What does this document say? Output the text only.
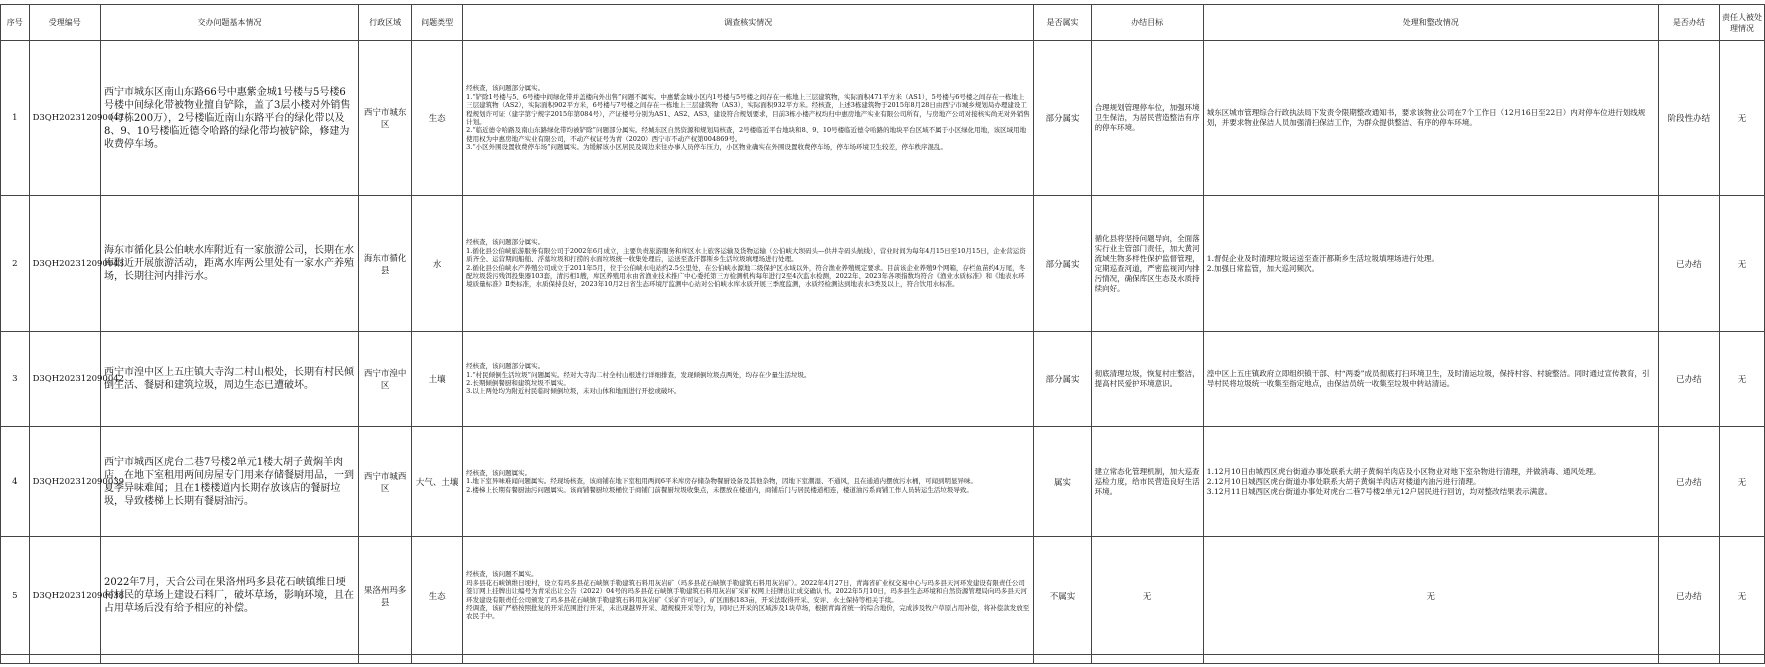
序号	受理编号	交办问题基本情况	行政区域	问题类型	调查核实情况	是否属实	办结目标	处理和整改情况	是否办结	责任人被处理情况
1	D3QH202312090047	西宁市城东区南山东路66号中惠紫金城1号楼与5号楼6号楼中间绿化带被物业擅自铲除，盖了3层小楼对外销售（每栋200万），2号楼临近南山东路平台的绿化带以及8、9、10号楼临近德令哈路的绿化带均被铲除，修建为收费停车场。	西宁市城东区	生态	经核查，该问题部分属实。
1.“铲除1号楼与5、6号楼中间绿化带并盖楼向外出售”问题不属实。中惠紫金城小区内1号楼与5号楼之间存在一栋地上三层建筑物，实际面积471平方米（AS1），5号楼与6号楼之间存在一栋地上三层建筑物（AS2），实际面积902平方米，6号楼与7号楼之间存在一栋地上三层建筑物（AS3），实际面积932平方米。经核查，上述3栋建筑物于2015年8月28日由西宁市城乡规划局办理建设工程规划许可证（建字第宁规字2015年第084号），产证楼号分别为AS1、AS2、AS3，建设符合规划要求，目前3栋小楼产权均归中惠房地产实业有限公司所有，与房地产公司对接核实尚无对外销售计划。
2.“临近德令哈路及南山东路绿化带均被铲除”问题部分属实。经城东区自然资源和规划局核查，2号楼临近平台地块和8、9、10号楼临近德令哈路的地块平台区域不属于小区绿化用地，该区域用地使用权为中惠房地产实业有限公司，不动产权证号为青（2020）西宁市不动产权第004869号。
3.“小区外围设置收费停车场”问题属实。为缓解该小区居民及周边来往办事人员停车压力，小区物业确实在外围设置收费停车场，停车场环境卫生较差，停车秩序混乱。	部分属实	合理规划管理停车位，加强环境卫生保洁，为居民营造整洁有序的停车环境。	城东区城市管理综合行政执法局下发责令限期整改通知书，要求该物业公司在7个工作日（12月16日至22日）内对停车位进行划线规划，并要求物业保洁人员加强清扫保洁工作，为群众提供整洁、有序的停车环境。	阶段性办结	无
2	D3QH202312090043	海东市循化县公伯峡水库附近有一家旅游公司，长期在水库附近开展旅游活动，距离水库两公里处有一家水产养殖场，长期往河内排污水。	海东市循化县	水	经核查，该问题部分属实。
1.循化县公伯峡旅游服务有限公司于2002年6月成立，主要负责旅游服务和库区水上旅客运输及货物运输（公伯峡大坝码头—供井寺码头航线），营业时间为每年4月15日至10月15日，企业营运资质齐全、运营期间船舶、浮墓垃圾和打捞的水面垃圾统一收集处理后，运送至查汗都斯乡生活垃圾填埋场进行处理。
2.循化县公伯峡水产养殖公司成立于2011年5月，位于公伯峡水电站约2.5公里处，在公伯峡水源地二级保护区水域以外，符合渔业养殖规定要求。目前该企业养殖9个网箱，存栏鱼苗约4万尾，冬配垃圾袋污残饵投集器103套，清污相1艘，库区养殖用水由省渔业技术推广中心委托第三方检测机构每年进行2至4次监水检测，2022年、2023年各项指数均符合《渔业水质标准》和《地表水环境质量标准》Ⅱ类标准，水质保持良好，2023年10月2日省生态环境厅监测中心站对公伯峡水库水质开展三季度监测，水质经检测达到地表水3类及以上，符合饮用水标准。	部分属实	循化县将坚持问题导向，全面落实行业主管部门责任，加大黄河流域生物多样性保护监督管理，定期巡查河道，严密监视河内排污情况，确保库区生态及水质持续向好。	1.督促企业及时清理垃圾运送至查汗都斯乡生活垃圾填埋场进行处理。
2.加强日常监管，加大巡河频次。	已办结	无
3	D3QH202312090042	西宁市湟中区上五庄镇大寺沟二村山根处，长期有村民倾倒生活、餐厨和建筑垃圾，周边生态已遭破坏。	西宁市湟中区	土壤	经核查，该问题部分属实。
1.“村民倾倒生活垃圾”问题属实。经对大寺沟二村全村山根进行详细排查，发现倾倒垃圾点两处，均存在少量生活垃圾。
2.长期倾倒餐厨和建筑垃圾不属实。
3.以上两处均为附近村民临时倾倒垃圾，未对山体和地面进行开挖或破坏。	部分属实	彻底清理垃圾，恢复村庄整洁，提高村民爱护环境意识。	湟中区上五庄镇政府立即组织镇干部、村“两委”成员彻底打扫环境卫生，及时清运垃圾，保持村容、村貌整洁。同时通过宣传教育，引导村民将垃圾统一收集至指定地点，由保洁员统一收集至垃圾中转站清运。	已办结	无
4	D3QH202312090039	西宁市城西区虎台二巷7号楼2单元1楼大胡子黄焖羊肉店，在地下室租用两间房屋专门用来存储餐厨用品，一到夏季异味难闻；且在1楼楼道内长期存放该店的餐厨垃圾，导致楼梯上长期有餐厨油污。	西宁市城西区	大气、土壤	经核查，该问题属实。
1.地下室异味难闻问题属实。经现场核查，该商铺在地下室租用两间6平米库房存储杂物餐厨设备及其他杂物，因地下室潮湿、不通风，且在通道内摆放污水桶，可闻到明显异味。
2.楼梯上长期有餐厨油污问题属实。该商铺餐厨垃圾桶位于商铺门前餐厨垃圾收集点，未摆放在楼道内，商铺后门与居民楼道相连，楼道油污系商铺工作人员转运生活垃圾导致。	属实	建立常态化管理机制，加大巡查巡检力度，给市民营造良好生活环境。	1.12月10日由城西区虎台街道办事处联系大胡子黄焖羊肉店及小区物业对地下室杂物进行清理，并做消毒、通风处理。
2.12月10日城西区虎台街道办事处联系大胡子黄焖羊肉店对楼道内油污进行清理。
3.12月11日城西区虎台街道办事处对虎台二巷7号楼2单元12户居民进行回访，均对整改结果表示满意。	已办结	无
5	D3QH202312090038	2022年7月，天合公司在果洛州玛多县花石峡镇维日埂村村民的草场上建设石料厂，破坏草场，影响环境，且在占用草场后没有给予相应的补偿。	果洛州玛多县	生态	经核查，该问题不属实。
玛多县花石峡镇维日埂村，设立有玛多县花石峡镇手勒建筑石料用灰岩矿（玛多县花石峡镇手勒建筑石料用灰岩矿）。2022年4月27日，青海省矿业权交易中心与玛多县天河环发建设有限责任公司签订网上挂牌出让编号为青采出让公告（2022）04号的玛多县花石峡镇手勒建筑石料用灰岩矿采矿权网上挂牌出让成交确认书。2022年5月10日，玛多县生态环境和自然资源管理局向玛多县天河环发建设有限责任公司颁发了玛多县花石峡镇手勒建筑石料用灰岩矿《采矿许可证》，矿区面积183亩，开采法取得开采、安评、水土保持等相关手续。
经调查，该矿严格按照批复的开采范围进行开采，未出现越界开采、超规模开采等行为，同时已开采的区域涉及1块草场，根据青海省统一的综合地价，完成涉及牧户草原占用补偿，将补偿款发放至农民手中。	不属实	无	无	已办结	无
